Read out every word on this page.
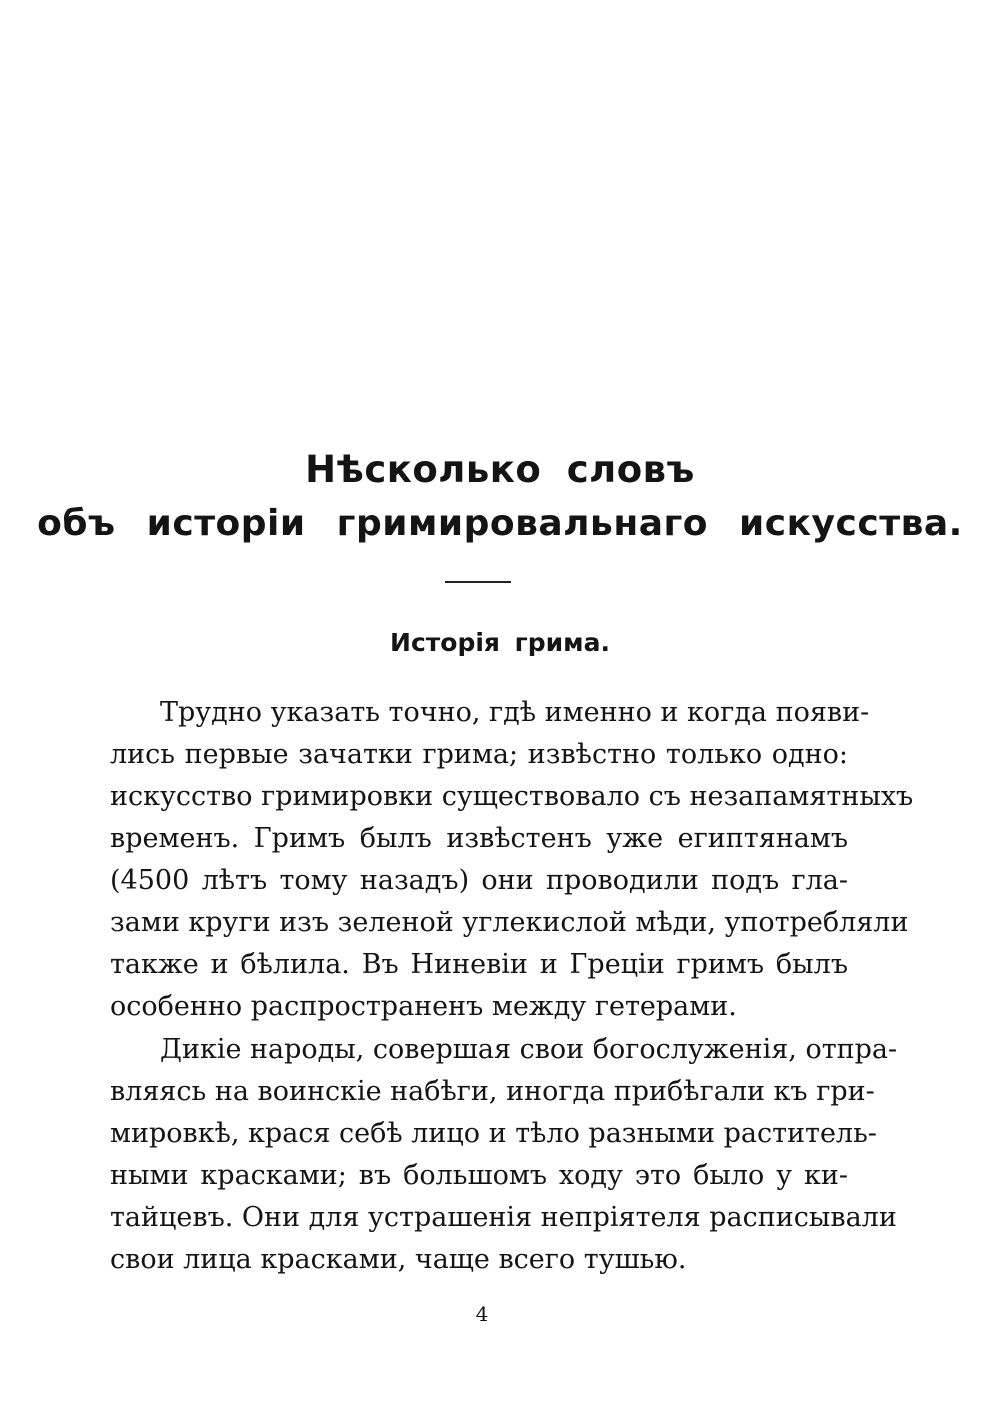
Нѣсколько словъ
объ исторіи гримировальнаго искусства.
Исторія грима.
Трудно указать точно, гдѣ именно и когда появи-
лись первые зачатки грима; извѣстно только одно:
искусство гримировки существовало съ незапамятныхъ
временъ. Гримъ былъ извѣстенъ уже египтянамъ
(4500 лѣтъ тому назадъ) они проводили подъ гла-
зами круги изъ зеленой углекислой мѣди, употребляли
также и бѣлила. Въ Ниневіи и Греціи гримъ былъ
особенно распространенъ между гетерами.
Дикіе народы, совершая свои богослуженія, отпра-
вляясь на воинскіе набѣги, иногда прибѣгали къ гри-
мировкѣ, крася себѣ лицо и тѣло разными раститель-
ными красками; въ большомъ ходу это было у ки-
тайцевъ. Они для устрашенія непріятеля расписывали
свои лица красками, чаще всего тушью.
4
